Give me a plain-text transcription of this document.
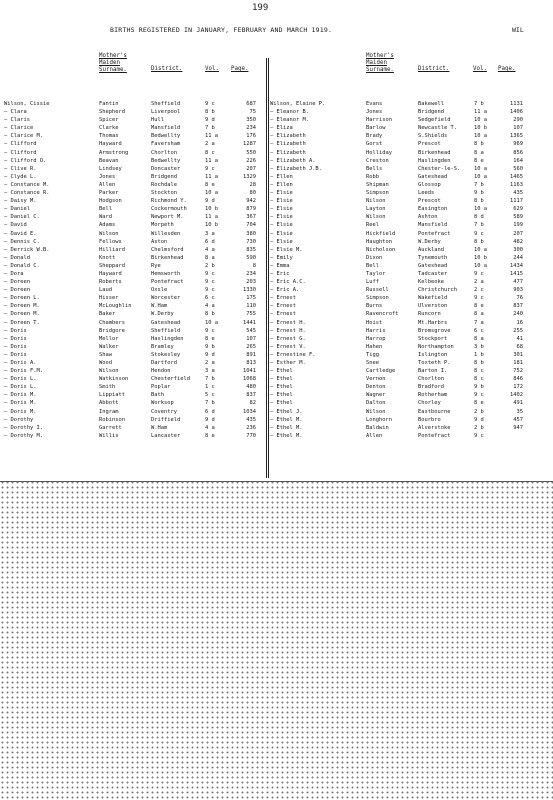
199
BIRTHS REGISTERED IN JANUARY, FEBRUARY AND MARCH 1919.	WIL
Mother's Maiden Surname.	District.	Vol. Page.
Wilson, Cissie	Fantin	Sheffield	9 c	687
— Clara	Shepherd	Liverpool	8 b	75
— Claris	Spicer	Hull	9 d	350
— Clarice	Clarke	Mansfield	7 b	234
— Clarice M.	Thomas	Bedwellty	11 a	176
— Clifford	Hayward	Faversham	2 a	1287
— Clifford	Armstrong	Chorlton	8 c	550
— Clifford O.	Beavan	Bedwellty	11 a	226
— Clive R.	Lindsey	Doncaster	9 c	207
— Clyde L.	Jones	Bridgend	11 a	1329
— Constance M.	Allen	Rochdale	8 e	28
— Constance R.	Parker	Stockton	10 a	80
— Daisy M.	Hodgson	Richmond Y.	9 d	942
— Daniel	Bell	Cockermouth	10 b	879
— Daniel C.	Ward	Newport M.	11 a	367
— David	Adams	Morpeth	10 b	704
— David E.	Wilson	Willesden	3 a	380
— Dennis C.	Fellows	Aston	6 d	730
— Derrick W.B.	Hilliard	Chelmsford	4 a	835
— Donald	Knott	Birkenhead	8 a	590
— Donald C.	Sheppard	Rye	2 b	8
— Dora	Hayward	Hemsworth	9 c	234
— Doreen	Roberts	Pontefract	9 c	203
— Doreen	Laud	Oxsle	9 c	1330
— Doreen L.	Hisser	Worcester	6 c	175
— Doreen M.	McLoughlin	W.Ham	4 a	110
— Doreen M.	Baker	W.Derby	8 b	755
— Doreen T.	Chambers	Gateshead	10 a	1441
— Doris	Bridgore	Sheffield	9 c	545
— Doris	Mellor	Haslingden	8 e	107
— Doris	Walker	Bramley	9 b	265
— Doris	Shaw	Stokesley	9 d	891
— Doris A.	Wood	Dartford	2 a	813
— Doris F.M.	Wilson	Hendon	3 a	1041
— Doris L.	Watkinson	Chesterfield	7 b	1068
— Doris L.	Smith	Poplar	1 c	480
— Doris M.	Lippiatt	Bath	5 c	837
— Doris M.	Abbott	Worksop	7 b	82
— Doris M.	Ingram	Coventry	6 d	1034
— Dorothy	Robinson	Driffield	9 d	435
— Dorothy I.	Garrett	W.Ham	4 a	236
— Dorothy M.	Willis	Lancaster	8 e	770
Mother's Maiden Surname.	District.	Vol. Page.
Wilson, Elaine P.	Evans	Bakewell	7 b	1131
— Eleanor B.	Jones	Bridgend	11 a	1406
— Eleanor M.	Harrison	Sedgefield	10 a	290
— Eliza	Barlow	Newcastle T.	10 b	107
— Elizabeth	Brady	S.Shields	10 a	1365
— Elizabeth	Gorst	Prescot	8 b	969
— Elizabeth	Holliday	Birkenhead	8 a	856
— Elizabeth A.	Creston	Haslingden	8 e	164
— Elizabeth J.B.	Bells	Chester-le-S.	10 a	560
— Ellen	Robb	Gateshead	10 a	1465
— Ellen	Shipman	Glossop	7 b	1163
— Elsie	Simpson	Leeds	9 b	435
— Elsie	Nilson	Prescot	8 b	1117
— Elsie	Layton	Easington	10 a	629
— Elsie	Wilson	Ashton	8 d	589
— Elsie	Reel	Mansfield	7 b	199
— Elsie	Hickfield	Pontefract	9 c	207
— Elsie	Haughton	W.Derby	8 b	482
— Elsie M.	Nicholson	Auckland	10 a	300
— Emily	Dixon	Tynemouth	10 b	244
— Emma	Bell	Gateshead	10 a	1434
— Eric	Taylor	Tadcaster	9 c	1415
— Eric A.C.	Luff	Kelbeoke	2 a	477
— Eric A.	Russell	Christchurch	2 c	903
— Ernest	Simpson	Wakefield	9 c	76
— Ernest	Burns	Ulverston	8 e	837
— Ernest	Ravencroft	Runcorn	8 a	240
— Ernest H.	Hoist	Mt.Harbrs	7 a	16
— Ernest H.	Harris	Bromsgrove	6 c	255
— Ernest G.	Harrop	Stockport	8 a	41
— Ernest V.	Hahen	Northampton	3 b	68
— Ernestine F.	Tigg	Islington	1 b	301
— Esther M.	Snee	Toxteth P.	8 b	181
— Ethel	Cartledge	Barton I.	8 c	752
— Ethel	Vernon	Chorlton	8 c	846
— Ethel	Denton	Bradford	9 b	172
— Ethel	Wagner	Rotherham	9 c	1402
— Ethel	Dalton	Chorley	8 e	491
— Ethel J.	Wilson	Eastbourne	2 b	35
— Ethel M.	Longhorn	Bourbro	9 d	457
— Ethel M.	Baldwin	Alverstoke	2 b	947
— Ethel M.	Allen	Pontefract	9 c
